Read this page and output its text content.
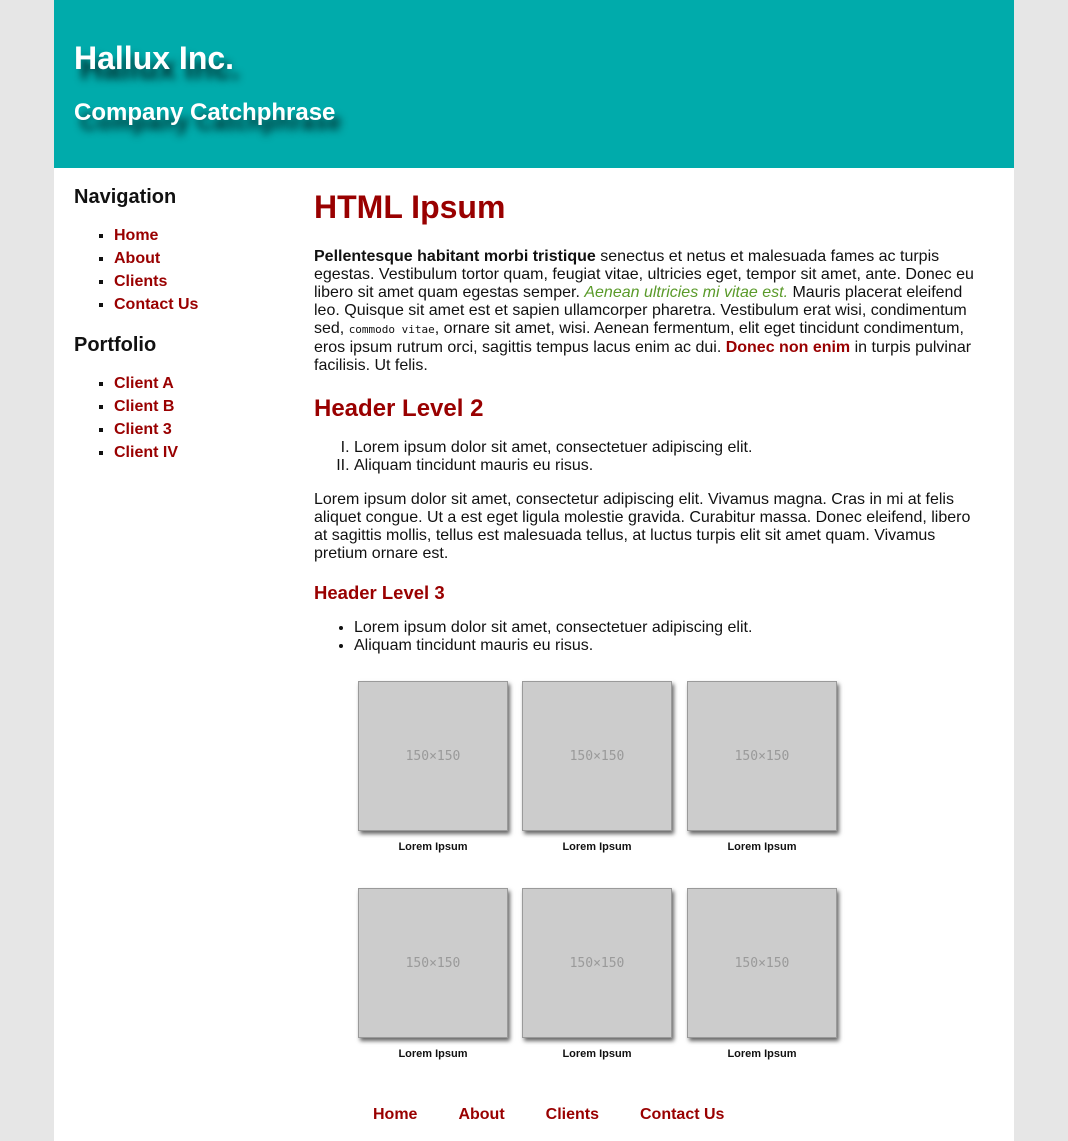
Hallux Inc.
Company Catchphrase
Navigation
▪ Home
▪ About
▪ Clients
▪ Contact Us
Portfolio
▪ Client A
▪ Client B
▪ Client 3
▪ Client IV
HTML Ipsum

Pellentesque habitant morbi tristique senectus et netus et malesuada fames ac turpis egestas. Vestibulum tortor quam, feugiat vitae, ultricies eget, tempor sit amet, ante. Donec eu libero sit amet quam egestas semper. Aenean ultricies mi vitae est. Mauris placerat eleifend leo. Quisque sit amet est et sapien ullamcorper pharetra. Vestibulum erat wisi, condimentum sed, commodo vitae, ornare sit amet, wisi. Aenean fermentum, elit eget tincidunt condimentum, eros ipsum rutrum orci, sagittis tempus lacus enim ac dui. Donec non enim in turpis pulvinar facilisis. Ut felis.

Header Level 2
I. Lorem ipsum dolor sit amet, consectetuer adipiscing elit.
II. Aliquam tincidunt mauris eu risus.

Lorem ipsum dolor sit amet, consectetur adipiscing elit. Vivamus magna. Cras in mi at felis aliquet congue. Ut a est eget ligula molestie gravida. Curabitur massa. Donec eleifend, libero at sagittis mollis, tellus est malesuada tellus, at luctus turpis elit sit amet quam. Vivamus pretium ornare est.

Header Level 3
• Lorem ipsum dolor sit amet, consectetuer adipiscing elit.
• Aliquam tincidunt mauris eu risus.
150×150
Lorem Ipsum
150×150
Lorem Ipsum
150×150
Lorem Ipsum
150×150
Lorem Ipsum
150×150
Lorem Ipsum
150×150
Lorem Ipsum
Home	About	Clients	Contact Us
